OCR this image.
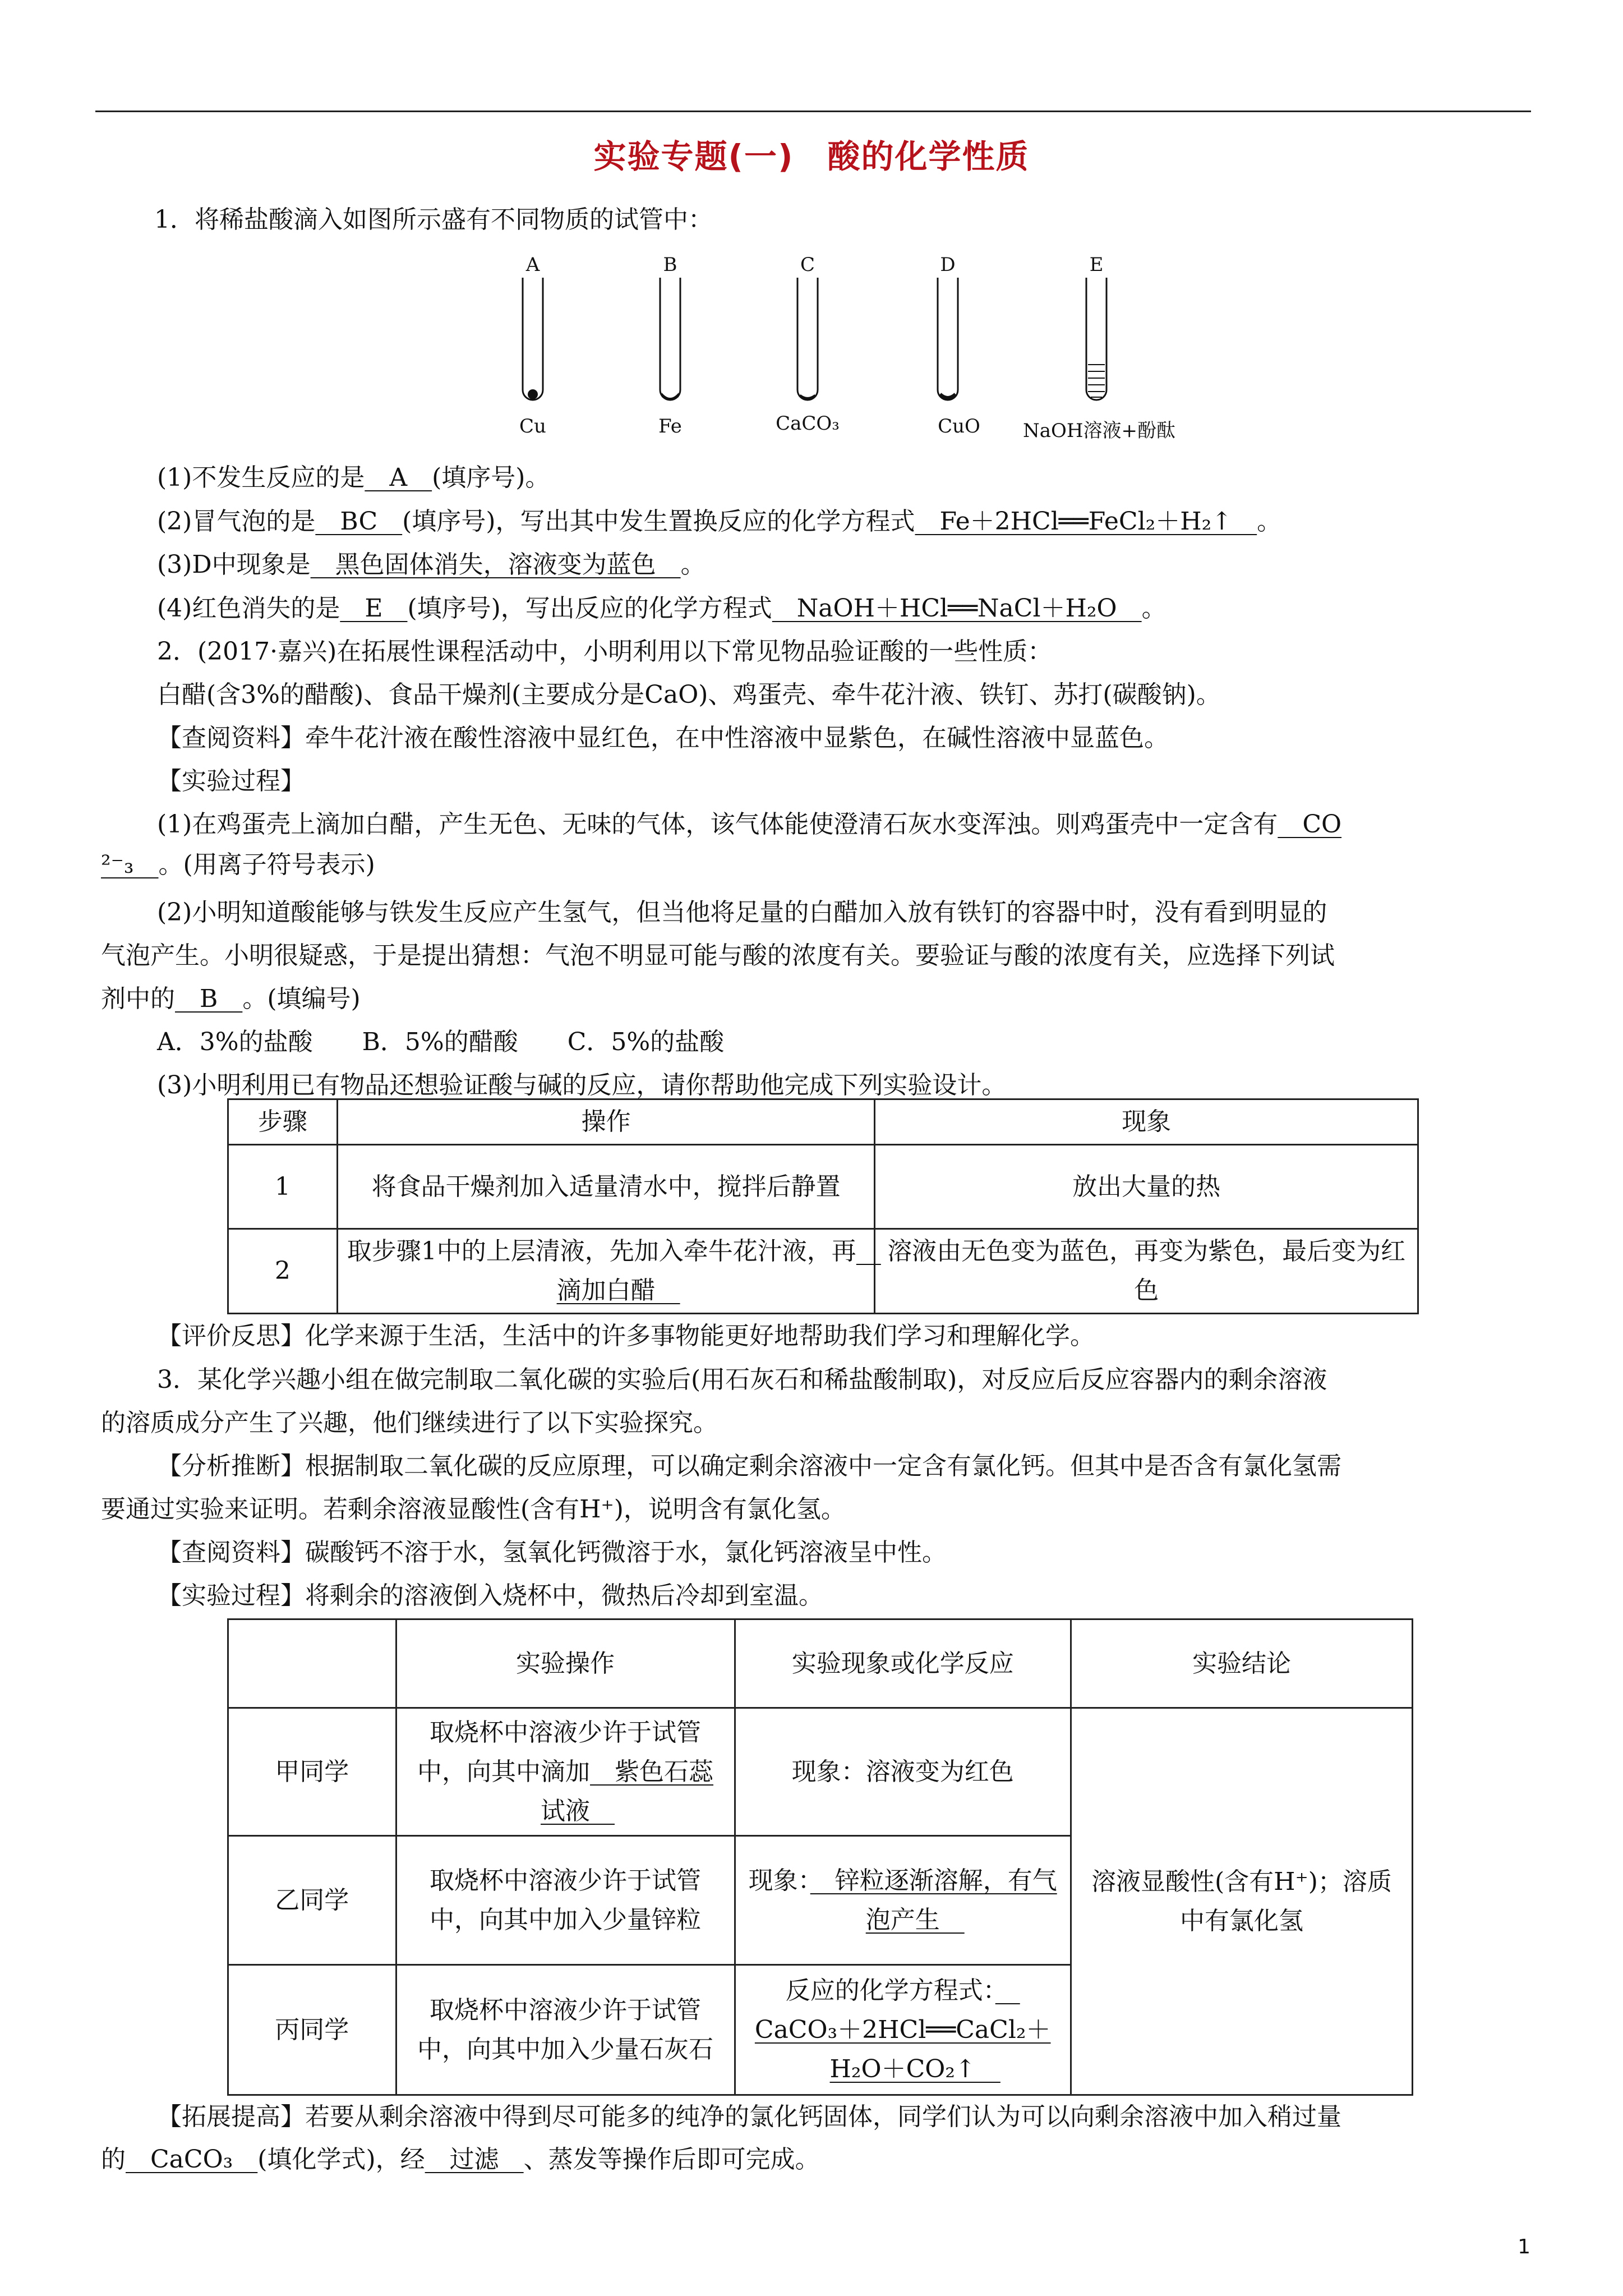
实验专题(一)　酸的化学性质
1．将稀盐酸滴入如图所示盛有不同物质的试管中：
A	B	C	D	E
Cu	Fe	CaCO₃	CuO	NaOH溶液+酚酞
(1)不发生反应的是　A　(填序号)。
(2)冒气泡的是　BC　(填序号)，写出其中发生置换反应的化学方程式　Fe＋2HCl══FeCl₂＋H₂↑　。
(3)D中现象是　黑色固体消失，溶液变为蓝色　。
(4)红色消失的是　E　(填序号)，写出反应的化学方程式　NaOH＋HCl══NaCl＋H₂O　。
2．(2017·嘉兴)在拓展性课程活动中，小明利用以下常见物品验证酸的一些性质：
白醋(含3%的醋酸)、食品干燥剂(主要成分是CaO)、鸡蛋壳、牵牛花汁液、铁钉、苏打(碳酸钠)。
【查阅资料】牵牛花汁液在酸性溶液中显红色，在中性溶液中显紫色，在碱性溶液中显蓝色。
【实验过程】
(1)在鸡蛋壳上滴加白醋，产生无色、无味的气体，该气体能使澄清石灰水变浑浊。则鸡蛋壳中一定含有　CO
²⁻₃　。(用离子符号表示)
(2)小明知道酸能够与铁发生反应产生氢气，但当他将足量的白醋加入放有铁钉的容器中时，没有看到明显的
气泡产生。小明很疑惑，于是提出猜想：气泡不明显可能与酸的浓度有关。要验证与酸的浓度有关，应选择下列试
剂中的　B　。(填编号)
A．3%的盐酸　　B．5%的醋酸　　C．5%的盐酸
(3)小明利用已有物品还想验证酸与碱的反应，请你帮助他完成下列实验设计。
步骤	操作	现象
1	将食品干燥剂加入适量清水中，搅拌后静置	放出大量的热
2	取步骤1中的上层清液，先加入牵牛花汁液，再　滴加白醋　	溶液由无色变为蓝色，再变为紫色，最后变为红色
【评价反思】化学来源于生活，生活中的许多事物能更好地帮助我们学习和理解化学。
3．某化学兴趣小组在做完制取二氧化碳的实验后(用石灰石和稀盐酸制取)，对反应后反应容器内的剩余溶液
的溶质成分产生了兴趣，他们继续进行了以下实验探究。
【分析推断】根据制取二氧化碳的反应原理，可以确定剩余溶液中一定含有氯化钙。但其中是否含有氯化氢需
要通过实验来证明。若剩余溶液显酸性(含有H⁺)，说明含有氯化氢。
【查阅资料】碳酸钙不溶于水，氢氧化钙微溶于水，氯化钙溶液呈中性。
【实验过程】将剩余的溶液倒入烧杯中，微热后冷却到室温。
	实验操作	实验现象或化学反应	实验结论
甲同学	取烧杯中溶液少许于试管中，向其中滴加　紫色石蕊试液　	现象：溶液变为红色	溶液显酸性(含有H⁺)；溶质中有氯化氢
乙同学	取烧杯中溶液少许于试管中，向其中加入少量锌粒	现象：　锌粒逐渐溶解，有气泡产生　	
丙同学	取烧杯中溶液少许于试管中，向其中加入少量石灰石	反应的化学方程式：　CaCO₃＋2HCl══CaCl₂＋H₂O＋CO₂↑　	
【拓展提高】若要从剩余溶液中得到尽可能多的纯净的氯化钙固体，同学们认为可以向剩余溶液中加入稍过量
的　CaCO₃　(填化学式)，经　过滤　、蒸发等操作后即可完成。
1
